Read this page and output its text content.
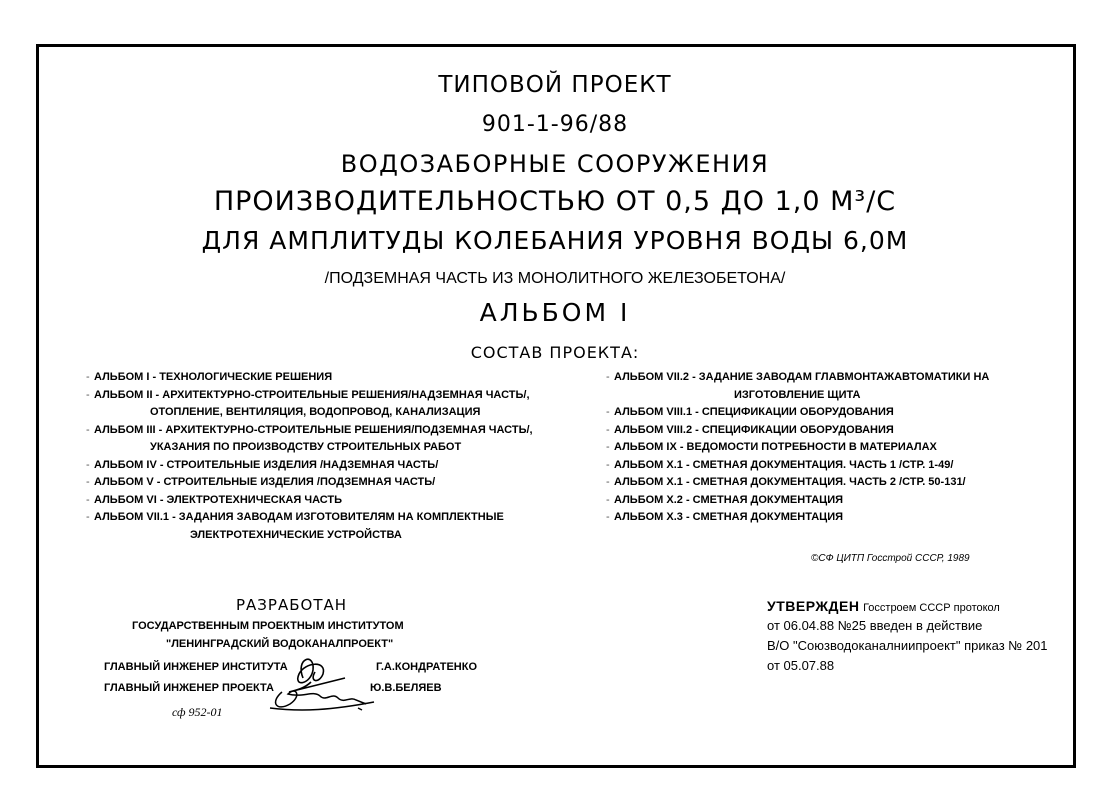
ТИПОВОЙ ПРОЕКТ
901-1-96/88
ВОДОЗАБОРНЫЕ СООРУЖЕНИЯ
ПРОИЗВОДИТЕЛЬНОСТЬЮ ОТ 0,5 ДО 1,0 М³/С
ДЛЯ АМПЛИТУДЫ КОЛЕБАНИЯ УРОВНЯ ВОДЫ 6,0М
/ПОДЗЕМНАЯ ЧАСТЬ ИЗ МОНОЛИТНОГО ЖЕЛЕЗОБЕТОНА/
АЛЬБОМ I
СОСТАВ ПРОЕКТА:
- АЛЬБОМ I - ТЕХНОЛОГИЧЕСКИЕ РЕШЕНИЯ
- АЛЬБОМ II - АРХИТЕКТУРНО-СТРОИТЕЛЬНЫЕ РЕШЕНИЯ/НАДЗЕМНАЯ ЧАСТЬ/,
ОТОПЛЕНИЕ, ВЕНТИЛЯЦИЯ, ВОДОПРОВОД, КАНАЛИЗАЦИЯ
- АЛЬБОМ III - АРХИТЕКТУРНО-СТРОИТЕЛЬНЫЕ РЕШЕНИЯ/ПОДЗЕМНАЯ ЧАСТЬ/,
УКАЗАНИЯ ПО ПРОИЗВОДСТВУ СТРОИТЕЛЬНЫХ РАБОТ
- АЛЬБОМ IV - СТРОИТЕЛЬНЫЕ ИЗДЕЛИЯ /НАДЗЕМНАЯ ЧАСТЬ/
- АЛЬБОМ V - СТРОИТЕЛЬНЫЕ ИЗДЕЛИЯ /ПОДЗЕМНАЯ ЧАСТЬ/
- АЛЬБОМ VI - ЭЛЕКТРОТЕХНИЧЕСКАЯ ЧАСТЬ
- АЛЬБОМ VII.1 - ЗАДАНИЯ ЗАВОДАМ ИЗГОТОВИТЕЛЯМ НА КОМПЛЕКТНЫЕ
ЭЛЕКТРОТЕХНИЧЕСКИЕ УСТРОЙСТВА
- АЛЬБОМ VII.2 - ЗАДАНИЕ ЗАВОДАМ ГЛАВМОНТАЖАВТОМАТИКИ НА
ИЗГОТОВЛЕНИЕ ЩИТА
- АЛЬБОМ VIII.1 - СПЕЦИФИКАЦИИ ОБОРУДОВАНИЯ
- АЛЬБОМ VIII.2 - СПЕЦИФИКАЦИИ ОБОРУДОВАНИЯ
- АЛЬБОМ IX - ВЕДОМОСТИ ПОТРЕБНОСТИ В МАТЕРИАЛАХ
- АЛЬБОМ X.1 - СМЕТНАЯ ДОКУМЕНТАЦИЯ. ЧАСТЬ 1 /СТР. 1-49/
- АЛЬБОМ X.1 - СМЕТНАЯ ДОКУМЕНТАЦИЯ. ЧАСТЬ 2 /СТР. 50-131/
- АЛЬБОМ X.2 - СМЕТНАЯ ДОКУМЕНТАЦИЯ
- АЛЬБОМ X.3 - СМЕТНАЯ ДОКУМЕНТАЦИЯ
©СФ ЦИТП Госстрой СССР, 1989
РАЗРАБОТАН
ГОСУДАРСТВЕННЫМ ПРОЕКТНЫМ ИНСТИТУТОМ
"ЛЕНИНГРАДСКИЙ ВОДОКАНАЛПРОЕКТ"
ГЛАВНЫЙ ИНЖЕНЕР ИНСТИТУТА	Г.А.КОНДРАТЕНКО
ГЛАВНЫЙ ИНЖЕНЕР ПРОЕКТА	Ю.В.БЕЛЯЕВ
сф 952-01
УТВЕРЖДЕН Госстроем СССР протокол
от 06.04.88 №25 введен в действие
В/О "Союзводоканалниипроект" приказ № 201
от 05.07.88
